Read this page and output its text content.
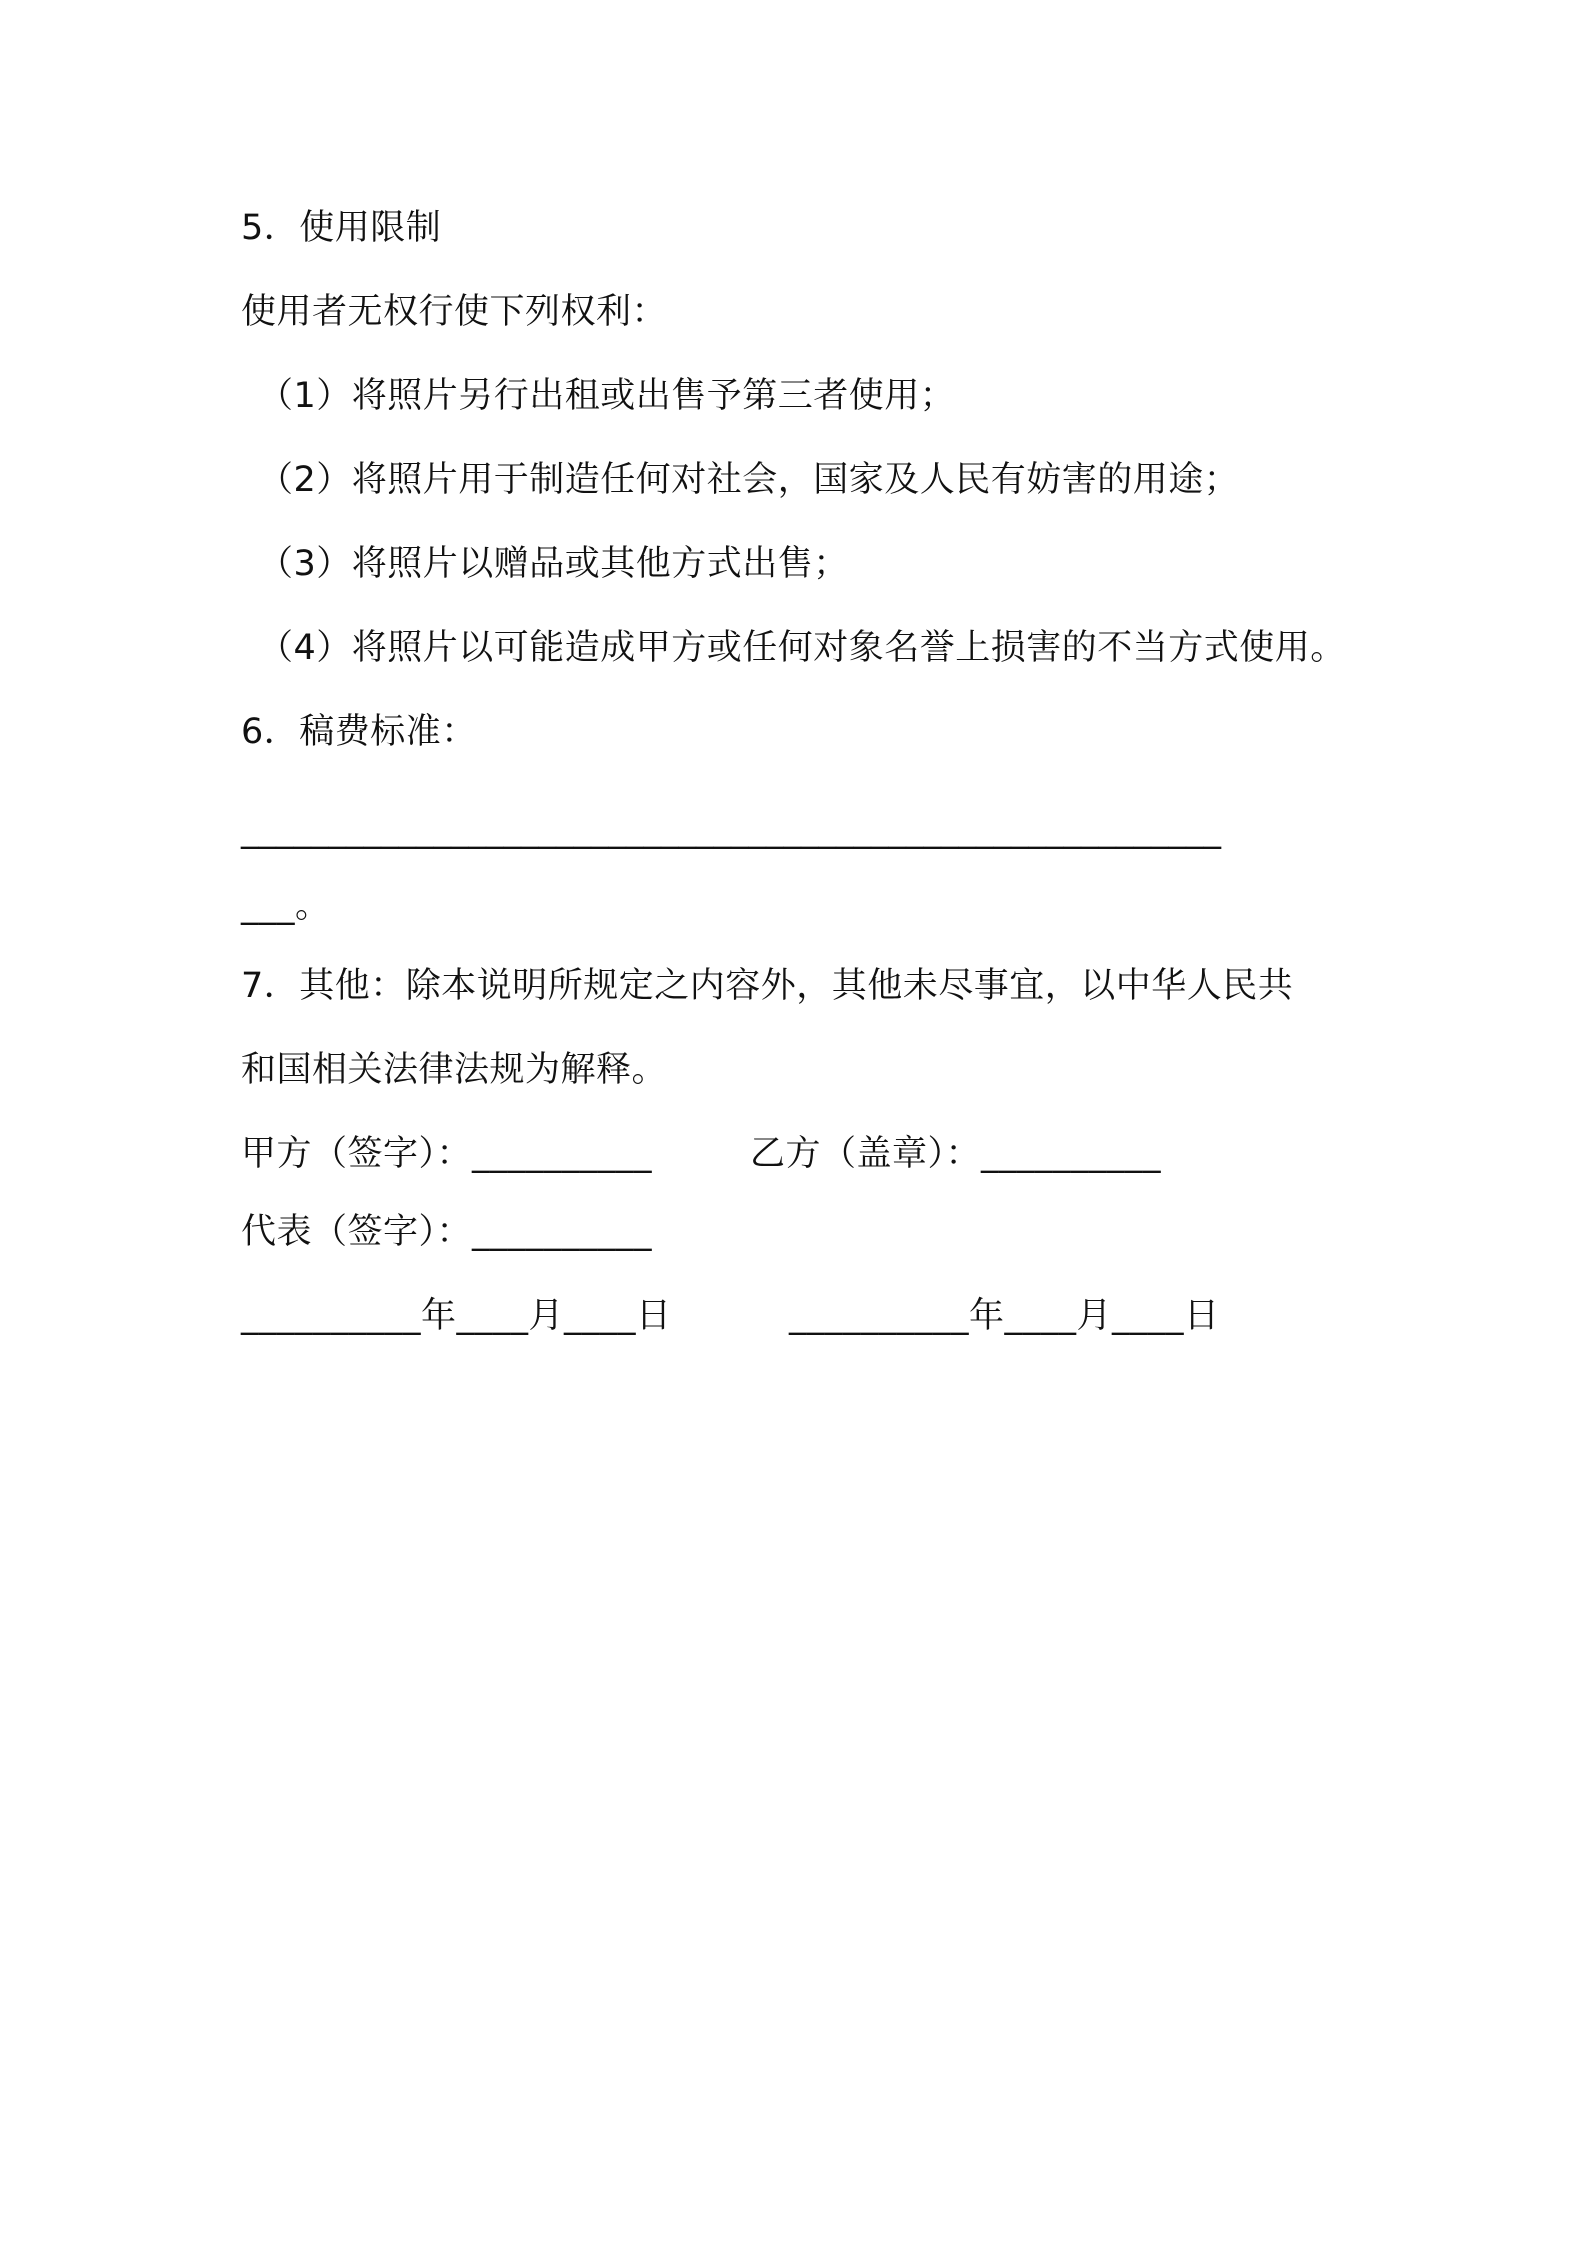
5．使用限制
使用者无权行使下列权利：
（1）将照片另行出租或出售予第三者使用；
（2）将照片用于制造任何对社会，国家及人民有妨害的用途；
（3）将照片以赠品或其他方式出售；
（4）将照片以可能造成甲方或任何对象名誉上损害的不当方式使用。
6．稿费标准：
________________________________________________________
___。
7．其他：除本说明所规定之内容外，其他未尽事宜，以中华人民共
和国相关法律法规为解释。
甲方（签字）：__________	乙方（盖章）：__________
代表（签字）：__________
__________年____月____日	__________年____月____日
